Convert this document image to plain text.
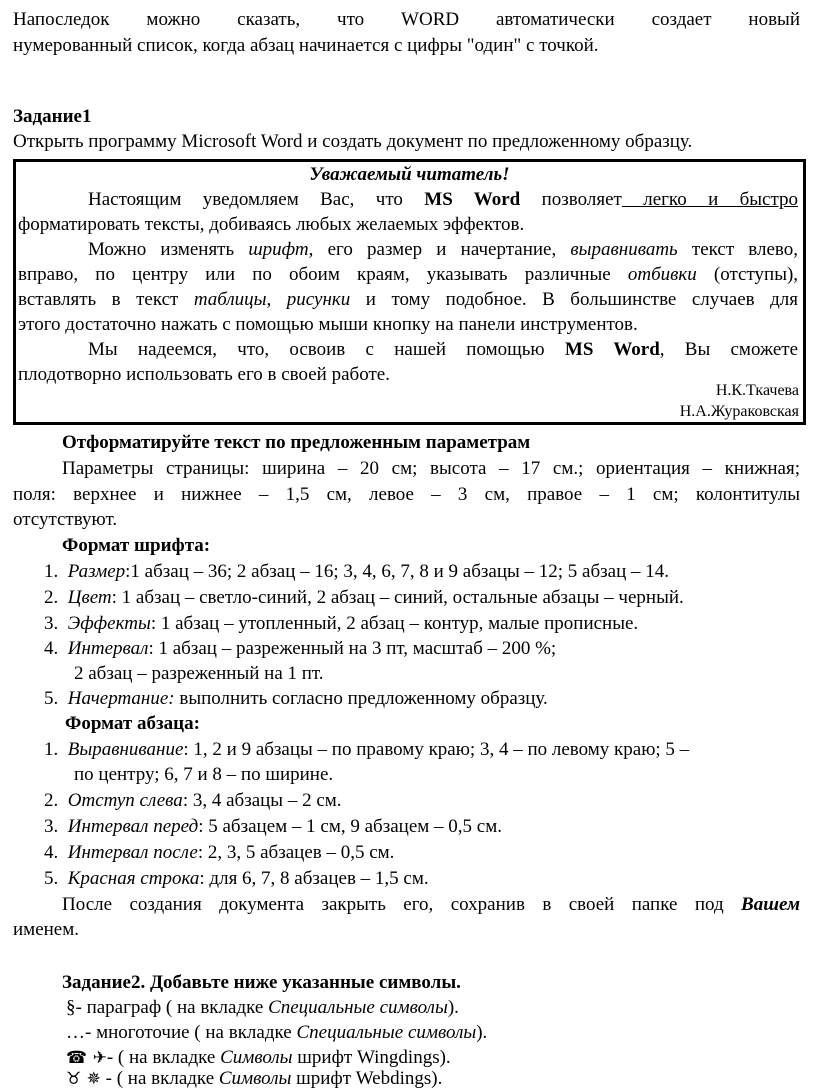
Напоследок можно сказать, что WORD автоматически создает новый
нумерованный список, когда абзац начинается с цифры "один" с точкой.
Задание1
Открыть программу Microsoft Word и создать документ по предложенному образцу.
Уважаемый читатель!
Настоящим уведомляем Вас, что MS Word позволяет легко и быстро
форматировать тексты, добиваясь любых желаемых эффектов.
Можно изменять шрифт, его размер и начертание, выравнивать текст влево,
вправо, по центру или по обоим краям, указывать различные отбивки (отступы),
вставлять в текст таблицы, рисунки и тому подобное. В большинстве случаев для
этого достаточно нажать с помощью мыши кнопку на панели инструментов.
Мы надеемся, что, освоив с нашей помощью MS Word, Вы сможете
плодотворно использовать его в своей работе.
Н.К.Ткачева
Н.А.Жураковская
Отформатируйте текст по предложенным параметрам
Параметры страницы: ширина – 20 см; высота – 17 см.; ориентация – книжная;
поля: верхнее и нижнее – 1,5 см, левое – 3 см, правое – 1 см; колонтитулы
отсутствуют.
Формат шрифта:
1. Размер:1 абзац – 36; 2 абзац – 16; 3, 4, 6, 7, 8 и 9 абзацы – 12; 5 абзац – 14.
2. Цвет: 1 абзац – светло-синий, 2 абзац – синий, остальные абзацы – черный.
3. Эффекты: 1 абзац – утопленный, 2 абзац – контур, малые прописные.
4. Интервал: 1 абзац – разреженный на 3 пт, масштаб – 200 %;
2 абзац – разреженный на 1 пт.
5. Начертание: выполнить согласно предложенному образцу.
Формат абзаца:
1. Выравнивание: 1, 2 и 9 абзацы – по правому краю; 3, 4 – по левому краю; 5 –
по центру; 6, 7 и 8 – по ширине.
2. Отступ слева: 3, 4 абзацы – 2 см.
3. Интервал перед: 5 абзацем – 1 см, 9 абзацем – 0,5 см.
4. Интервал после: 2, 3, 5 абзацев – 0,5 см.
5. Красная строка: для 6, 7, 8 абзацев – 1,5 см.
После создания документа закрыть его, сохранив в своей папке под Вашем
именем.
Задание2. Добавьте ниже указанные символы.
§- параграф ( на вкладке Специальные символы).
…- многоточие ( на вкладке Специальные символы).
☎ ✈- ( на вкладке Символы шрифт Wingdings).
♉ ✵ - ( на вкладке Символы шрифт Webdings).
